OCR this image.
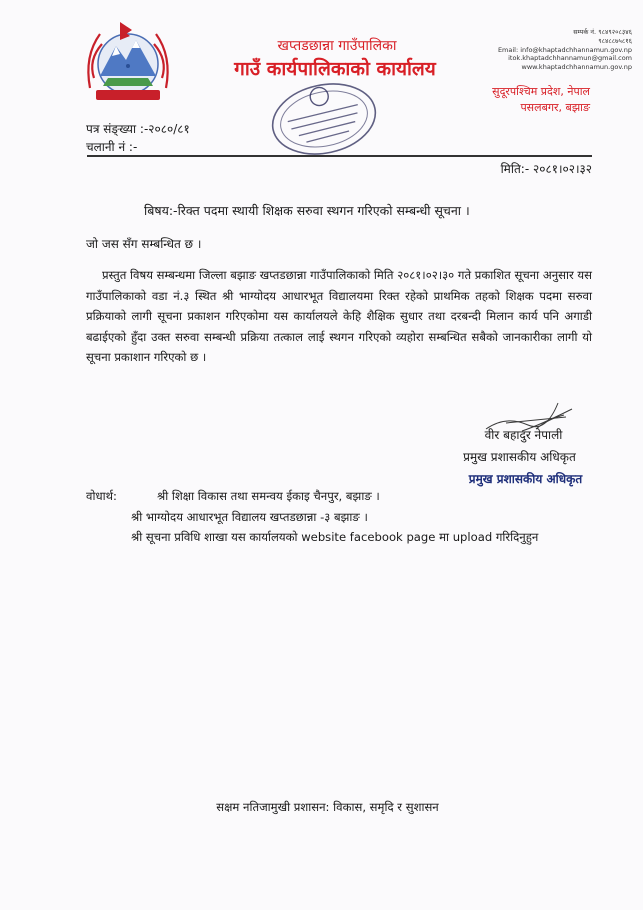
खप्तडछान्ना गाउँपालिका
गाउँ कार्यपालिकाको कार्यालय
सम्पर्क नं. ९८४९२०८३४६
९८४८८७५८१६
Email: info@khaptadchhannamun.gov.np
itok.khaptadchhannamun@gmail.com
www.khaptadchhannamun.gov.np
सुदूरपश्चिम प्रदेश, नेपाल
पसलबगर, बझाङ
पत्र संङ्ख्या :-२०८०/८१
चलानी नं :-
मिति:- २०८१।०२।३२
बिषय:-रिक्त पदमा स्थायी शिक्षक सरुवा स्थगन गरिएको सम्बन्धी सूचना ।
जो जस सँग सम्बन्धित छ ।
प्रस्तुत विषय सम्बन्धमा जिल्ला बझाङ खप्तडछान्ना गाउँपालिकाको मिति २०८१।०२।३० गते प्रकाशित सूचना अनुसार यस गाउँपालिकाको वडा नं.३ स्थित श्री भाग्योदय आधारभूत विद्यालयमा रिक्त रहेको प्राथमिक तहको शिक्षक पदमा सरुवा प्रक्रियाको लागी सूचना प्रकाशन गरिएकोमा यस कार्यालयले केहि शैक्षिक सुधार तथा दरबन्दी मिलान कार्य पनि अगाडी बढाईएको हुँदा उक्त सरुवा सम्बन्धी प्रक्रिया तत्काल लाई स्थगन गरिएको व्यहोरा सम्बन्धित सबैको जानकारीका लागी यो सूचना प्रकाशान गरिएको छ ।
वीर बहादुर नेपाली
प्रमुख प्रशासकीय अधिकृत
प्रमुख प्रशासकीय अधिकृत
वोधार्थ:	श्री शिक्षा विकास तथा समन्वय ईकाइ चैनपुर, बझाङ ।
श्री भाग्योदय आधारभूत विद्यालय खप्तडछान्ना -३ बझाङ ।
श्री सूचना प्रविधि शाखा यस कार्यालयको website facebook page मा upload गरिदिनुहुन
सक्षम नतिजामुखी प्रशासन: विकास, समृदि र सुशासन
